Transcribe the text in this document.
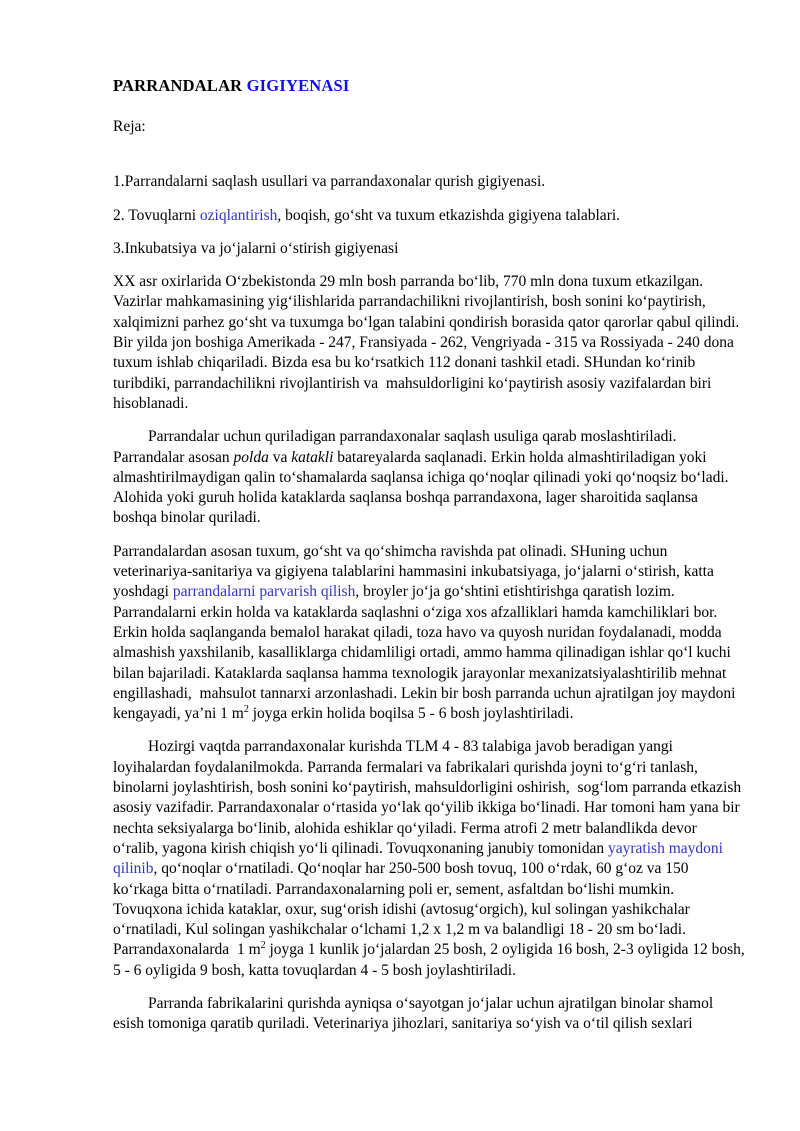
PARRANDALAR GIGIYENASI
Reja:
1.Parrandalarni saqlash usullari va parrandaxonalar qurish gigiyenasi.
2. Tovuqlarni oziqlantirish, boqish, go‘sht va tuxum etkazishda gigiyena talablari.
3.Inkubatsiya va jo‘jalarni o‘stirish gigiyenasi
XX asr oxirlarida O‘zbekistonda 29 mln bosh parranda bo‘lib, 770 mln dona tuxum etkazilgan. Vazirlar mahkamasining yig‘ilishlarida parrandachilikni rivojlantirish, bosh sonini ko‘paytirish, xalqimizni parhez go‘sht va tuxumga bo‘lgan talabini qondirish borasida qator qarorlar qabul qilindi.  Bir yilda jon boshiga Amerikada - 247, Fransiyada - 262, Vengriyada - 315 va Rossiyada - 240 dona tuxum ishlab chiqariladi. Bizda esa bu ko‘rsatkich 112 donani tashkil etadi. SHundan ko‘rinib turibdiki, parrandachilikni rivojlantirish va  mahsuldorligini ko‘paytirish asosiy vazifalardan biri hisoblanadi.
Parrandalar uchun quriladigan parrandaxonalar saqlash usuliga qarab moslashtiriladi. Parrandalar asosan polda va katakli batareyalarda saqlanadi. Erkin holda almashtiriladigan yoki almashtirilmaydigan qalin to‘shamalarda saqlansa ichiga qo‘noqlar qilinadi yoki qo‘noqsiz bo‘ladi. Alohida yoki guruh holida kataklarda saqlansa boshqa parrandaxona, lager sharoitida saqlansa boshqa binolar quriladi.
Parrandalardan asosan tuxum, go‘sht va qo‘shimcha ravishda pat olinadi. SHuning uchun veterinariya-sanitariya va gigiyena talablarini hammasini inkubatsiyaga, jo‘jalarni o‘stirish, katta yoshdagi parrandalarni parvarish qilish, broyler jo‘ja go‘shtini etishtirishga qaratish lozim. Parrandalarni erkin holda va kataklarda saqlashni o‘ziga xos afzalliklari hamda kamchiliklari bor. Erkin holda saqlanganda bemalol harakat qiladi, toza havo va quyosh nuridan foydalanadi, modda almashish yaxshilanib, kasalliklarga chidamliligi ortadi, ammo hamma qilinadigan ishlar qo‘l kuchi bilan bajariladi. Kataklarda saqlansa hamma texnologik jarayonlar mexanizatsiyalashtirilib mehnat engillashadi,  mahsulot tannarxi arzonlashadi. Lekin bir bosh parranda uchun ajratilgan joy maydoni kengayadi, ya’ni 1 $m^2$ joyga erkin holida boqilsa 5 - 6 bosh joylashtiriladi.
Hozirgi vaqtda parrandaxonalar kurishda TLM 4 - 83 talabiga javob beradigan yangi loyihalardan foydalanilmokda. Parranda fermalari va fabrikalari qurishda joyni to‘g‘ri tanlash, binolarni joylashtirish, bosh sonini ko‘paytirish, mahsuldorligini oshirish,  sog‘lom parranda etkazish asosiy vazifadir. Parrandaxonalar o‘rtasida yo‘lak qo‘yilib ikkiga bo‘linadi. Har tomoni ham yana bir nechta seksiyalarga bo‘linib, alohida eshiklar qo‘yiladi. Ferma atrofi 2 metr balandlikda devor o‘ralib, yagona kirish chiqish yo‘li qilinadi. Tovuqxonaning janubiy tomonidan yayratish maydoni qilinib, qo‘noqlar o‘rnatiladi. Qo‘noqlar har 250-500 bosh tovuq, 100 o‘rdak, 60 g‘oz va 150 ko‘rkaga bitta o‘rnatiladi. Parrandaxonalarning poli er, sement, asfaltdan bo‘lishi mumkin. Tovuqxona ichida kataklar, oxur, sug‘orish idishi (avtosug‘orgich), kul solingan yashikchalar o‘rnatiladi, Kul solingan yashikchalar o‘lchami 1,2 x 1,2 m va balandligi 18 - 20 sm bo‘ladi. Parrandaxonalarda  1 $m^2$ joyga 1 kunlik jo‘jalardan 25 bosh, 2 oyligida 16 bosh, 2-3 oyligida 12 bosh, 5 - 6 oyligida 9 bosh, katta tovuqlardan 4 - 5 bosh joylashtiriladi.
Parranda fabrikalarini qurishda ayniqsa o‘sayotgan jo‘jalar uchun ajratilgan binolar shamol esish tomoniga qaratib quriladi. Veterinariya jihozlari, sanitariya so‘yish va o‘til qilish sexlari
